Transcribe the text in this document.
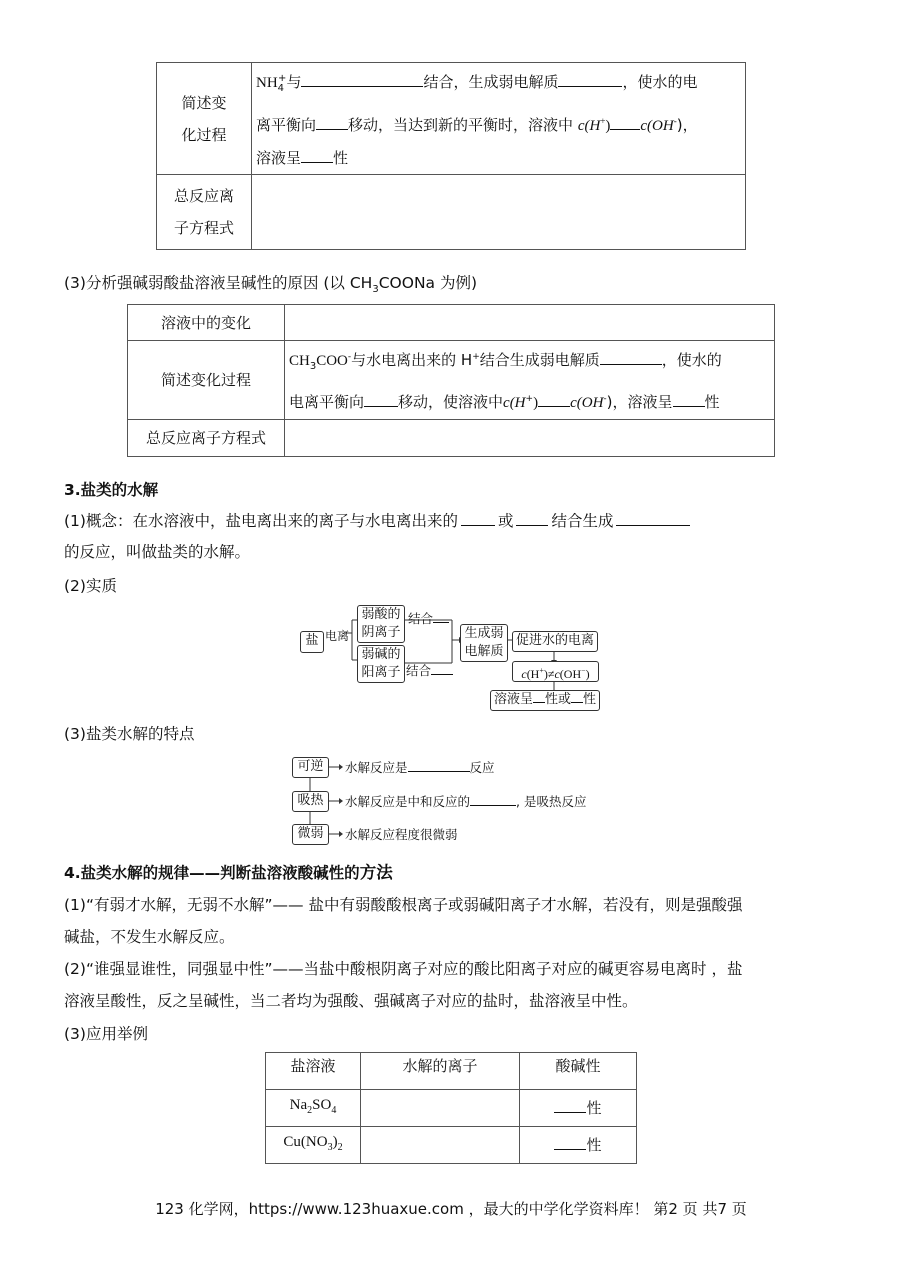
简述变
化过程	$NH_4^+$与 结合，生成弱电解质 ，使水的电
离平衡向 移动，当达到新的平衡时，溶液中 c(H+) c(OH-)，
溶液呈 性
总反应离
子方程式	
(3)分析强碱弱酸盐溶液呈碱性的原因 (以 $CH_3COONa$ 为例)
溶液中的变化	
简述变化过程	$CH_3COO^-$与水电离出来的 H+结合生成弱电解质 ，使水的
电离平衡向 移动，使溶液中c(H+) c(OH-)，溶液呈 性
总反应离子方程式	
3.盐类的水解
(1)概念：在水溶液中，盐电离出来的离子与水电离出来的	或 结合生成
的反应，叫做盐类的水解。
(2)实质
盐 电离
弱酸的
阴离子
弱碱的
阳离子
结合
结合
生成弱
电解质
促进水的电离
c(H+)≠c(OH−)
溶液呈 性或 性
(3)盐类水解的特点
可逆	水解反应是	反应
吸热	水解反应是中和反应的	, 是吸热反应
微弱	水解反应程度很微弱
4.盐类水解的规律——判断盐溶液酸碱性的方法
(1)“有弱才水解，无弱不水解”—— 盐中有弱酸酸根离子或弱碱阳离子才水解，若没有，则是强酸强
碱盐，不发生水解反应。
(2)“谁强显谁性，同强显中性”——当盐中酸根阴离子对应的酸比阳离子对应的碱更容易电离时 ，盐
溶液呈酸性，反之呈碱性，当二者均为强酸、强碱离子对应的盐时，盐溶液呈中性。
(3)应用举例
盐溶液	水解的离子	酸碱性
$Na_2SO_4$		性
$Cu(NO_3)_2$		性
123 化学网，https://www.123huaxue.com ，最大的中学化学资料库！ 第2 页 共7 页
